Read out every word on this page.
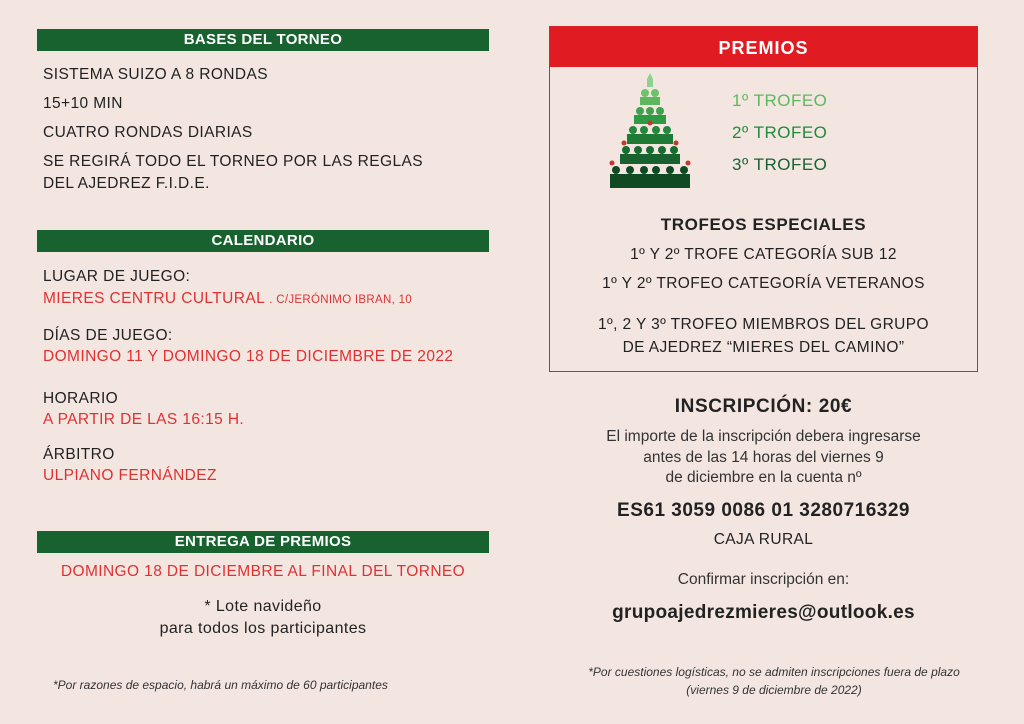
BASES DEL TORNEO
SISTEMA SUIZO A 8 RONDAS
15+10 MIN
CUATRO RONDAS DIARIAS
SE REGIRÁ TODO EL TORNEO POR LAS REGLAS
DEL AJEDREZ F.I.D.E.
CALENDARIO
LUGAR DE JUEGO:
MIERES CENTRU CULTURAL . C/JERÓNIMO IBRAN, 10
DÍAS DE JUEGO:
DOMINGO 11 Y DOMINGO 18 DE DICIEMBRE DE 2022
HORARIO
A PARTIR DE LAS 16:15 H.
ÁRBITRO
ULPIANO FERNÁNDEZ
ENTREGA DE PREMIOS
DOMINGO 18 DE DICIEMBRE AL FINAL DEL TORNEO
* Lote navideño
para todos los participantes
*Por razones de espacio, habrá un máximo de 60 participantes
PREMIOS
1º TROFEO
2º TROFEO
3º TROFEO
TROFEOS ESPECIALES
1º Y 2º TROFE CATEGORÍA SUB 12
1º Y 2º TROFEO CATEGORÍA VETERANOS
1º, 2 Y 3º TROFEO MIEMBROS DEL GRUPO
DE AJEDREZ “MIERES DEL CAMINO”
INSCRIPCIÓN: 20€
El importe de la inscripción debera ingresarse
antes de las 14 horas del viernes 9
de diciembre en la cuenta nº
ES61 3059 0086 01 3280716329
CAJA RURAL
Confirmar inscripción en:
grupoajedrezmieres@outlook.es
*Por cuestiones logísticas, no se admiten inscripciones fuera de plazo
(viernes 9 de diciembre de 2022)
